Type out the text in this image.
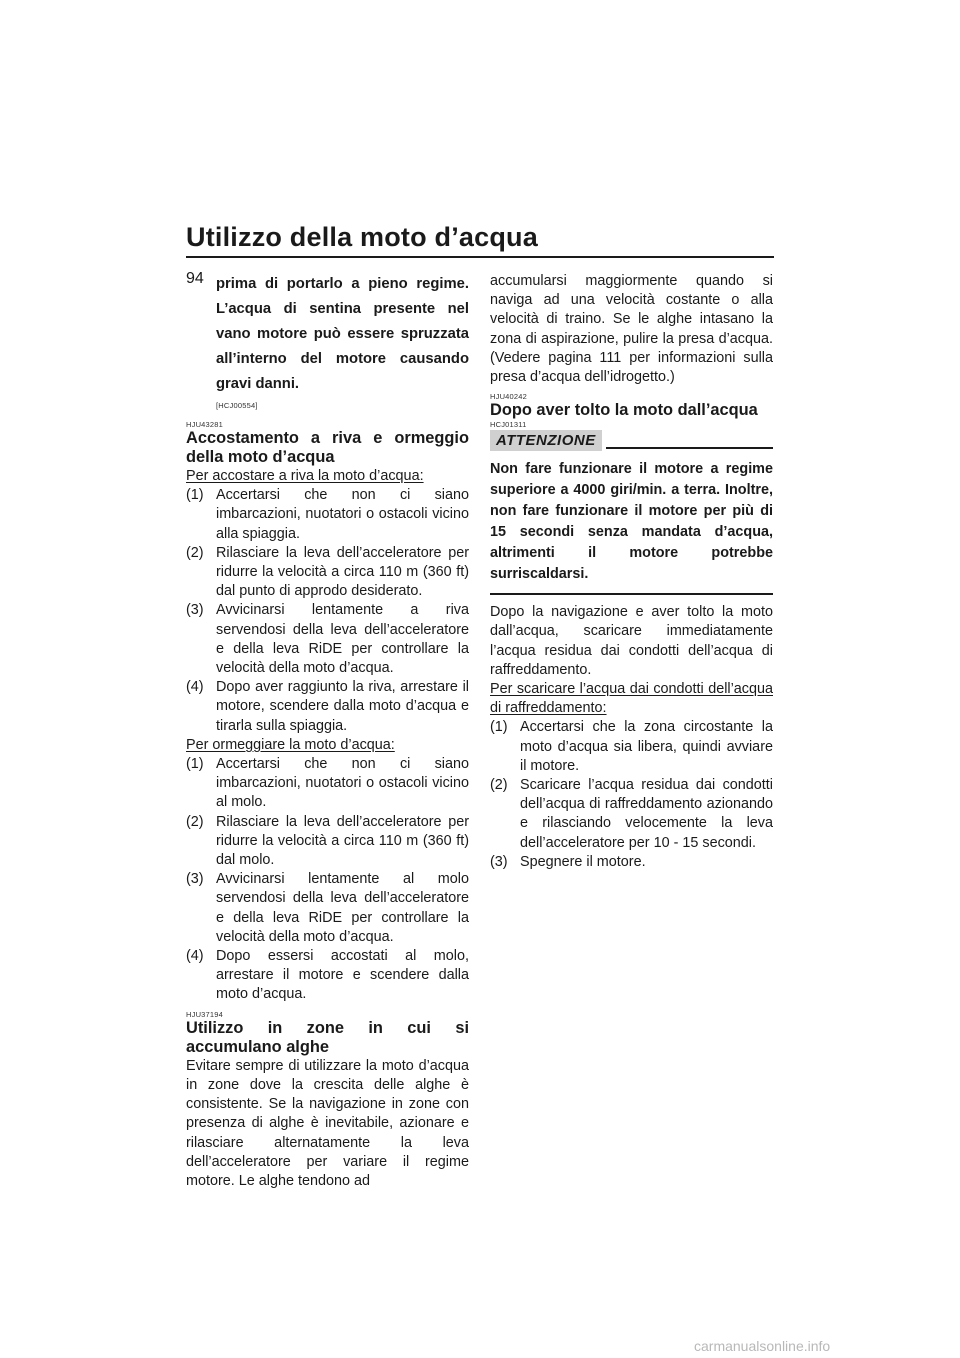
Utilizzo della moto d’acqua
94 prima di portarlo a pieno regime. L’acqua di sentina presente nel vano motore può essere spruzzata all’interno del motore causando gravi danni.

[HCJ00554]
HJU43281
Accostamento a riva e ormeggio della moto d’acqua

Per accostare a riva la moto d’acqua:

(1) Accertarsi che non ci siano imbarcazioni, nuotatori o ostacoli vicino alla spiaggia.
(2) Rilasciare la leva dell’acceleratore per ridurre la velocità a circa 110 m (360 ft) dal punto di approdo desiderato.
(3) Avvicinarsi lentamente a riva servendosi della leva dell’acceleratore e della leva RiDE per controllare la velocità della moto d’acqua.
(4) Dopo aver raggiunto la riva, arrestare il motore, scendere dalla moto d’acqua e tirarla sulla spiaggia.

Per ormeggiare la moto d’acqua:

(1) Accertarsi che non ci siano imbarcazioni, nuotatori o ostacoli vicino al molo.
(2) Rilasciare la leva dell’acceleratore per ridurre la velocità a circa 110 m (360 ft) dal molo.
(3) Avvicinarsi lentamente al molo servendosi della leva dell’acceleratore e della leva RiDE per controllare la velocità della moto d’acqua.
(4) Dopo essersi accostati al molo, arrestare il motore e scendere dalla moto d’acqua.
HJU37194
Utilizzo in zone in cui si accumulano alghe

Evitare sempre di utilizzare la moto d’acqua in zone dove la crescita delle alghe è consistente. Se la navigazione in zone con presenza di alghe è inevitabile, azionare e rilasciare alternatamente la leva dell’acceleratore per variare il regime motore. Le alghe tendono ad

accumularsi maggiormente quando si naviga ad una velocità costante o alla velocità di traino. Se le alghe intasano la zona di aspirazione, pulire la presa d’acqua. (Vedere pagina 111 per informazioni sulla presa d’acqua dell’idrogetto.)

HJU40242
Dopo aver tolto la moto dall’acqua
HCJ01311
ATTENZIONE

Non fare funzionare il motore a regime superiore a 4000 giri/min. a terra. Inoltre, non fare funzionare il motore per più di 15 secondi senza mandata d’acqua, altrimenti il motore potrebbe surriscaldarsi.

Dopo la navigazione e aver tolto la moto dall’acqua, scaricare immediatamente l’acqua residua dai condotti dell’acqua di raffreddamento.

Per scaricare l’acqua dai condotti dell’acqua di raffreddamento:

(1) Accertarsi che la zona circostante la moto d’acqua sia libera, quindi avviare il motore.
(2) Scaricare l’acqua residua dai condotti dell’acqua di raffreddamento azionando e rilasciando velocemente la leva dell’acceleratore per 10 - 15 secondi.
(3) Spegnere il motore.
carmanualsonline.info
